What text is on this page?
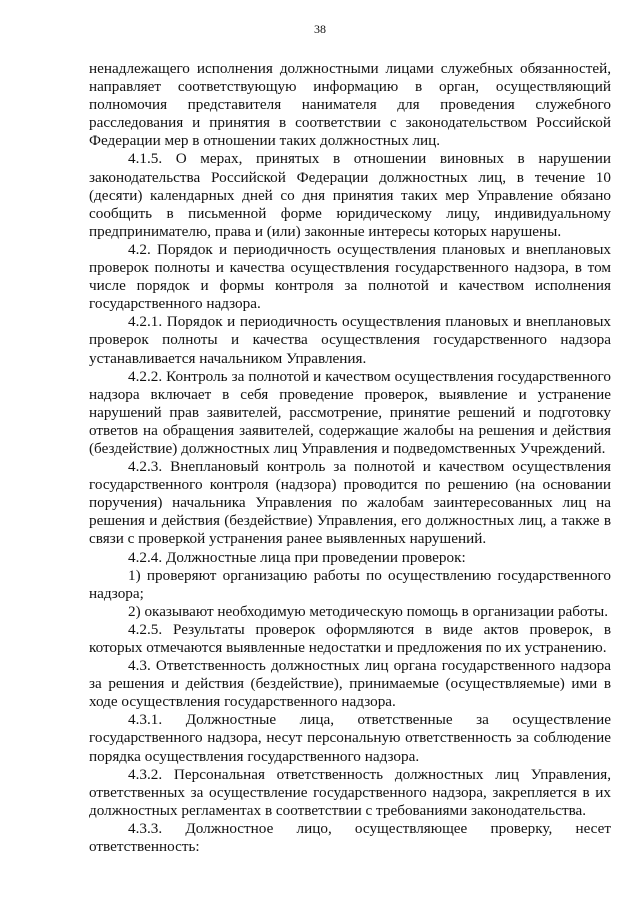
38

ненадлежащего исполнения должностными лицами служебных обязанностей, направляет соответствующую информацию в орган, осуществляющий полномочия представителя нанимателя для проведения служебного расследования и принятия в соответствии с законодательством Российской Федерации мер в отношении таких должностных лиц.

4.1.5. О мерах, принятых в отношении виновных в нарушении законодательства Российской Федерации должностных лиц, в течение 10 (десяти) календарных дней со дня принятия таких мер Управление обязано сообщить в письменной форме юридическому лицу, индивидуальному предпринимателю, права и (или) законные интересы которых нарушены.

4.2. Порядок и периодичность осуществления плановых и внеплановых проверок полноты и качества осуществления государственного надзора, в том числе порядок и формы контроля за полнотой и качеством исполнения государственного надзора.

4.2.1. Порядок и периодичность осуществления плановых и внеплановых проверок полноты и качества осуществления государственного надзора устанавливается начальником Управления.

4.2.2. Контроль за полнотой и качеством осуществления государственного надзора включает в себя проведение проверок, выявление и устранение нарушений прав заявителей, рассмотрение, принятие решений и подготовку ответов на обращения заявителей, содержащие жалобы на решения и действия (бездействие) должностных лиц Управления и подведомственных Учреждений.

4.2.3. Внеплановый контроль за полнотой и качеством осуществления государственного контроля (надзора) проводится по решению (на основании поручения) начальника Управления по жалобам заинтересованных лиц на решения и действия (бездействие) Управления, его должностных лиц, а также в связи с проверкой устранения ранее выявленных нарушений.

4.2.4. Должностные лица при проведении проверок:

1) проверяют организацию работы по осуществлению государственного надзора;

2) оказывают необходимую методическую помощь в организации работы.

4.2.5. Результаты проверок оформляются в виде актов проверок, в которых отмечаются выявленные недостатки и предложения по их устранению.

4.3. Ответственность должностных лиц органа государственного надзора за решения и действия (бездействие), принимаемые (осуществляемые) ими в ходе осуществления государственного надзора.

4.3.1. Должностные лица, ответственные за осуществление государственного надзора, несут персональную ответственность за соблюдение порядка осуществления государственного надзора.

4.3.2. Персональная ответственность должностных лиц Управления, ответственных за осуществление государственного надзора, закрепляется в их должностных регламентах в соответствии с требованиями законодательства.

4.3.3. Должностное лицо, осуществляющее проверку, несет ответственность:
